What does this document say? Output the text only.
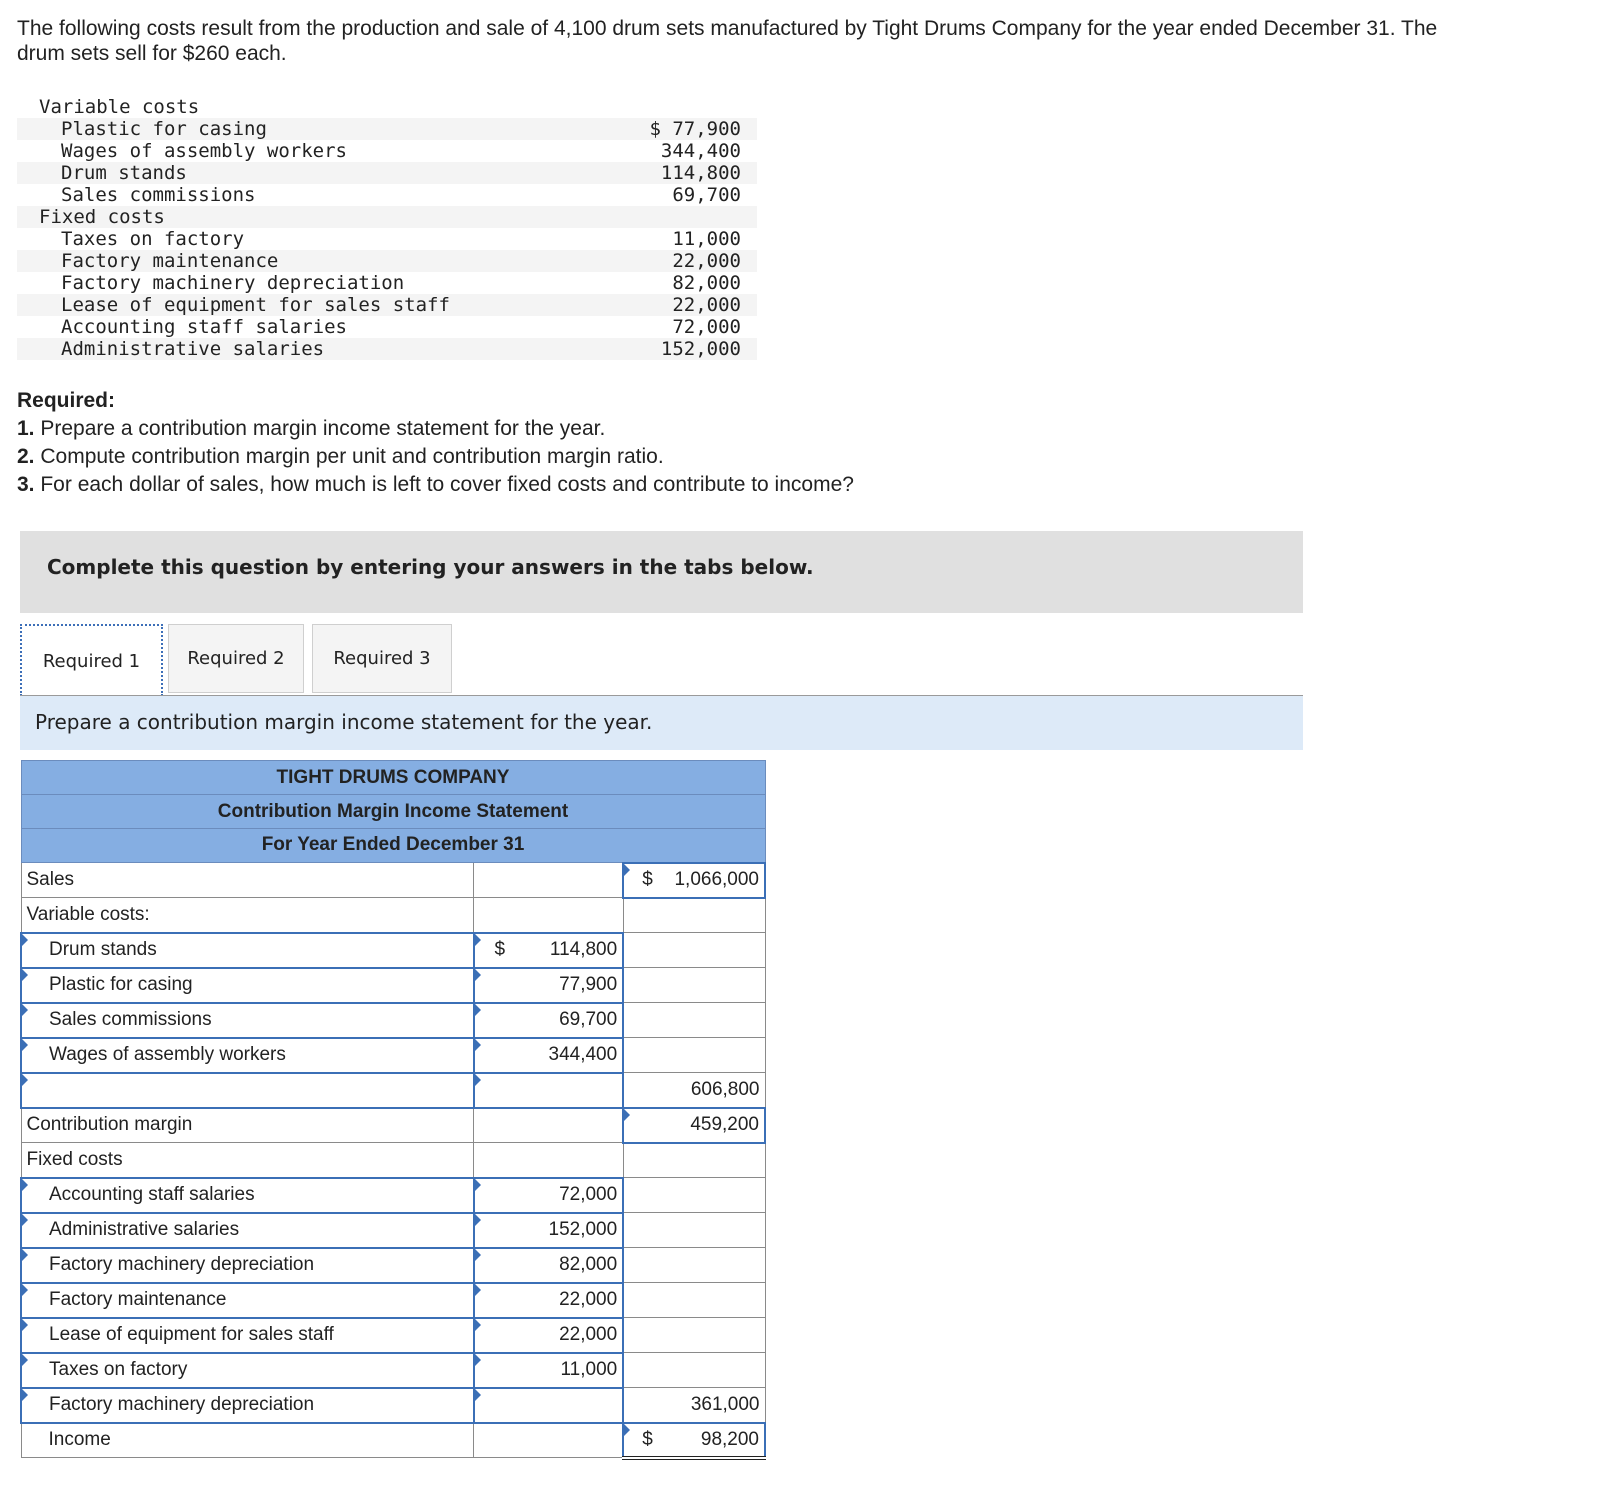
The following costs result from the production and sale of 4,100 drum sets manufactured by Tight Drums Company for the year ended December 31. The drum sets sell for $260 each.
Variable costs	
Plastic for casing	$ 77,900
Wages of assembly workers	344,400
Drum stands	114,800
Sales commissions	69,700
Fixed costs	
Taxes on factory	11,000
Factory maintenance	22,000
Factory machinery depreciation	82,000
Lease of equipment for sales staff	22,000
Accounting staff salaries	72,000
Administrative salaries	152,000
Required:
1. Prepare a contribution margin income statement for the year.
2. Compute contribution margin per unit and contribution margin ratio.
3. For each dollar of sales, how much is left to cover fixed costs and contribute to income?
Complete this question by entering your answers in the tabs below.
Required 1	Required 2	Required 3
Prepare a contribution margin income statement for the year.
TIGHT DRUMS COMPANY		
Contribution Margin Income Statement		
For Year Ended December 31		
Sales		$ 1,066,000
Variable costs:		
Drum stands	$ 114,800	
Plastic for casing	77,900	
Sales commissions	69,700	
Wages of assembly workers	344,400	
		606,800
Contribution margin		459,200
Fixed costs		
Accounting staff salaries	72,000	
Administrative salaries	152,000	
Factory machinery depreciation	82,000	
Factory maintenance	22,000	
Lease of equipment for sales staff	22,000	
Taxes on factory	11,000	
Factory machinery depreciation		361,000
Income		$ 98,200
